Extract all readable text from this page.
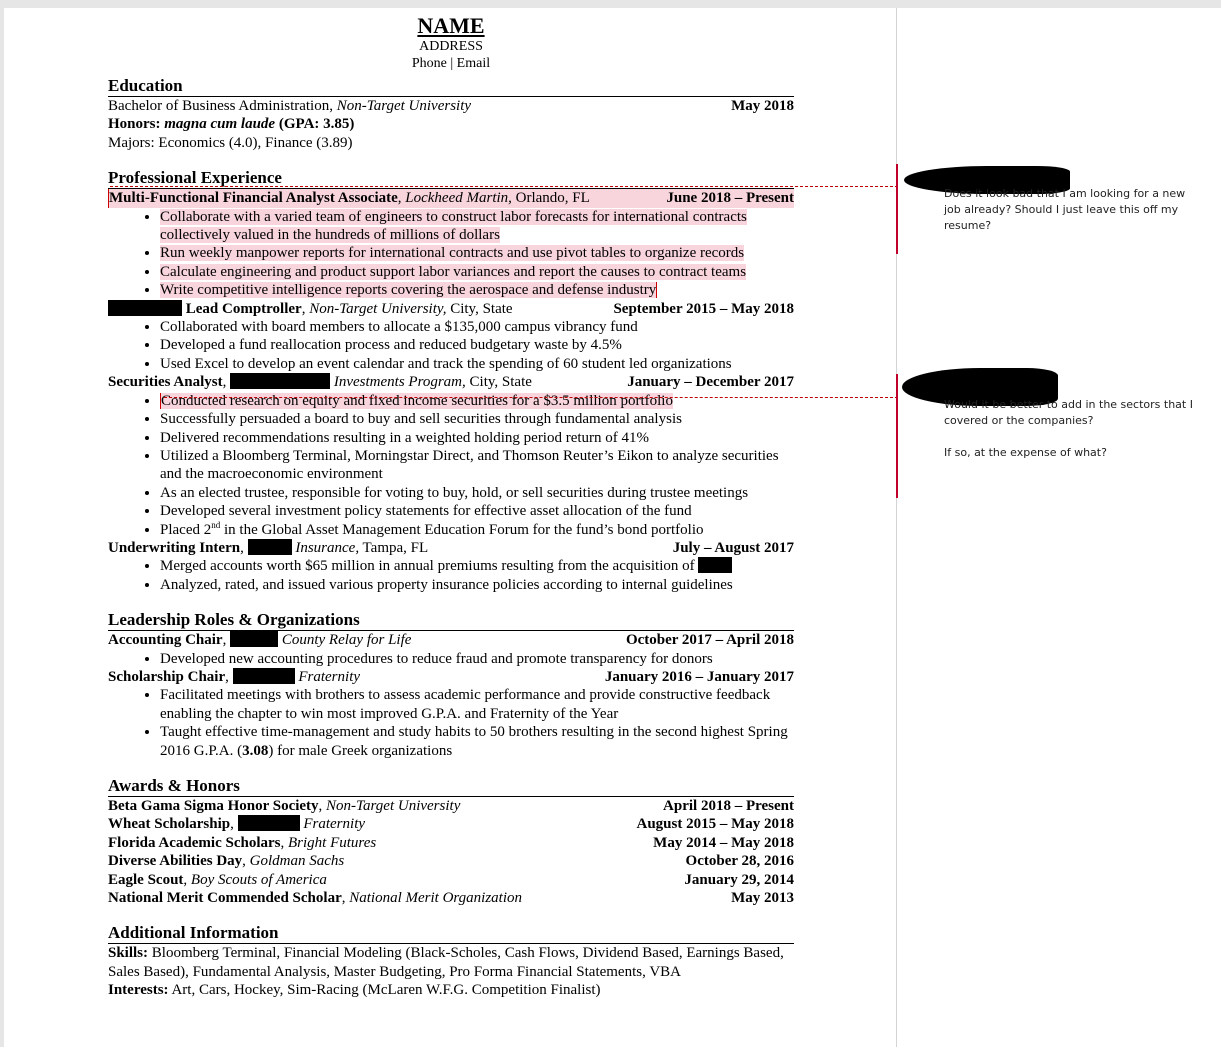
NAME
ADDRESS
Phone | Email
Education
Bachelor of Business Administration, Non-Target University	May 2018
Honors: magna cum laude (GPA: 3.85)
Majors: Economics (4.0), Finance (3.89)
Professional Experience
Multi-Functional Financial Analyst Associate, Lockheed Martin, Orlando, FL	June 2018 – Present
• Collaborate with a varied team of engineers to construct labor forecasts for international contracts collectively valued in the hundreds of millions of dollars
• Run weekly manpower reports for international contracts and use pivot tables to organize records
• Calculate engineering and product support labor variances and report the causes to contract teams
• Write competitive intelligence reports covering the aerospace and defense industry
Lead Comptroller, Non-Target University, City, State	September 2015 – May 2018
• Collaborated with board members to allocate a $135,000 campus vibrancy fund
• Developed a fund reallocation process and reduced budgetary waste by 4.5%
• Used Excel to develop an event calendar and track the spending of 60 student led organizations
Securities Analyst,	Investments Program, City, State	January – December 2017
• Conducted research on equity and fixed income securities for a $3.5 million portfolio
• Successfully persuaded a board to buy and sell securities through fundamental analysis
• Delivered recommendations resulting in a weighted holding period return of 41%
• Utilized a Bloomberg Terminal, Morningstar Direct, and Thomson Reuter’s Eikon to analyze securities and the macroeconomic environment
• As an elected trustee, responsible for voting to buy, hold, or sell securities during trustee meetings
• Developed several investment policy statements for effective asset allocation of the fund
• Placed 2nd in the Global Asset Management Education Forum for the fund’s bond portfolio
Underwriting Intern,	Insurance, Tampa, FL	July – August 2017
• Merged accounts worth $65 million in annual premiums resulting from the acquisition of
• Analyzed, rated, and issued various property insurance policies according to internal guidelines
Leadership Roles & Organizations
Accounting Chair,	County Relay for Life	October 2017 – April 2018
• Developed new accounting procedures to reduce fraud and promote transparency for donors
Scholarship Chair,	Fraternity	January 2016 – January 2017
• Facilitated meetings with brothers to assess academic performance and provide constructive feedback enabling the chapter to win most improved G.P.A. and Fraternity of the Year
• Taught effective time-management and study habits to 50 brothers resulting in the second highest Spring 2016 G.P.A. (3.08) for male Greek organizations
Awards & Honors
Beta Gama Sigma Honor Society, Non-Target University	April 2018 – Present
Wheat Scholarship,	Fraternity	August 2015 – May 2018
Florida Academic Scholars, Bright Futures	May 2014 – May 2018
Diverse Abilities Day, Goldman Sachs	October 28, 2016
Eagle Scout, Boy Scouts of America	January 29, 2014
National Merit Commended Scholar, National Merit Organization	May 2013
Additional Information
Skills: Bloomberg Terminal, Financial Modeling (Black-Scholes, Cash Flows, Dividend Based, Earnings Based, Sales Based), Fundamental Analysis, Master Budgeting, Pro Forma Financial Statements, VBA
Interests: Art, Cars, Hockey, Sim-Racing (McLaren W.F.G. Competition Finalist)

Does it look bad that I am looking for a new job already? Should I just leave this off my resume?

Would it be better to add in the sectors that I covered or the companies?

If so, at the expense of what?
